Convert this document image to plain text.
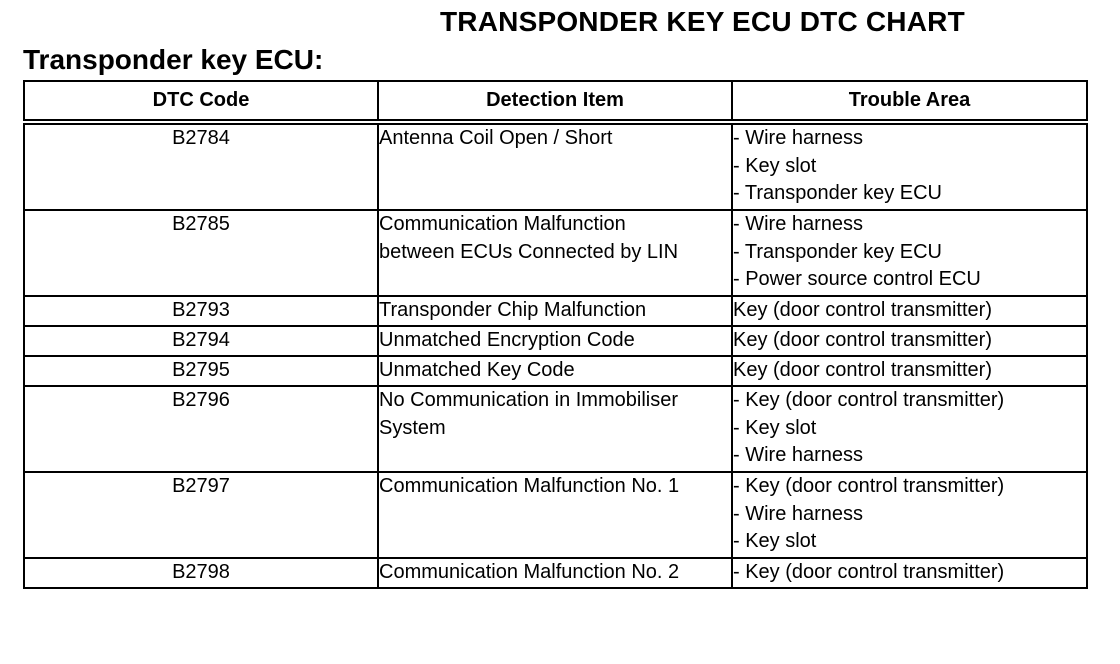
TRANSPONDER KEY ECU DTC CHART
Transponder key ECU:
DTC Code	Detection Item	Trouble Area
B2784	Antenna Coil Open / Short	- Wire harness
- Key slot
- Transponder key ECU

B2785	Communication Malfunction
between ECUs Connected by LIN	- Wire harness
- Transponder key ECU
- Power source control ECU

B2793	Transponder Chip Malfunction	Key (door control transmitter)

B2794	Unmatched Encryption Code	Key (door control transmitter)

B2795	Unmatched Key Code	Key (door control transmitter)

B2796	No Communication in Immobiliser
System	- Key (door control transmitter)
- Key slot
- Wire harness

B2797	Communication Malfunction No. 1	- Key (door control transmitter)
- Wire harness
- Key slot

B2798	Communication Malfunction No. 2	- Key (door control transmitter)
